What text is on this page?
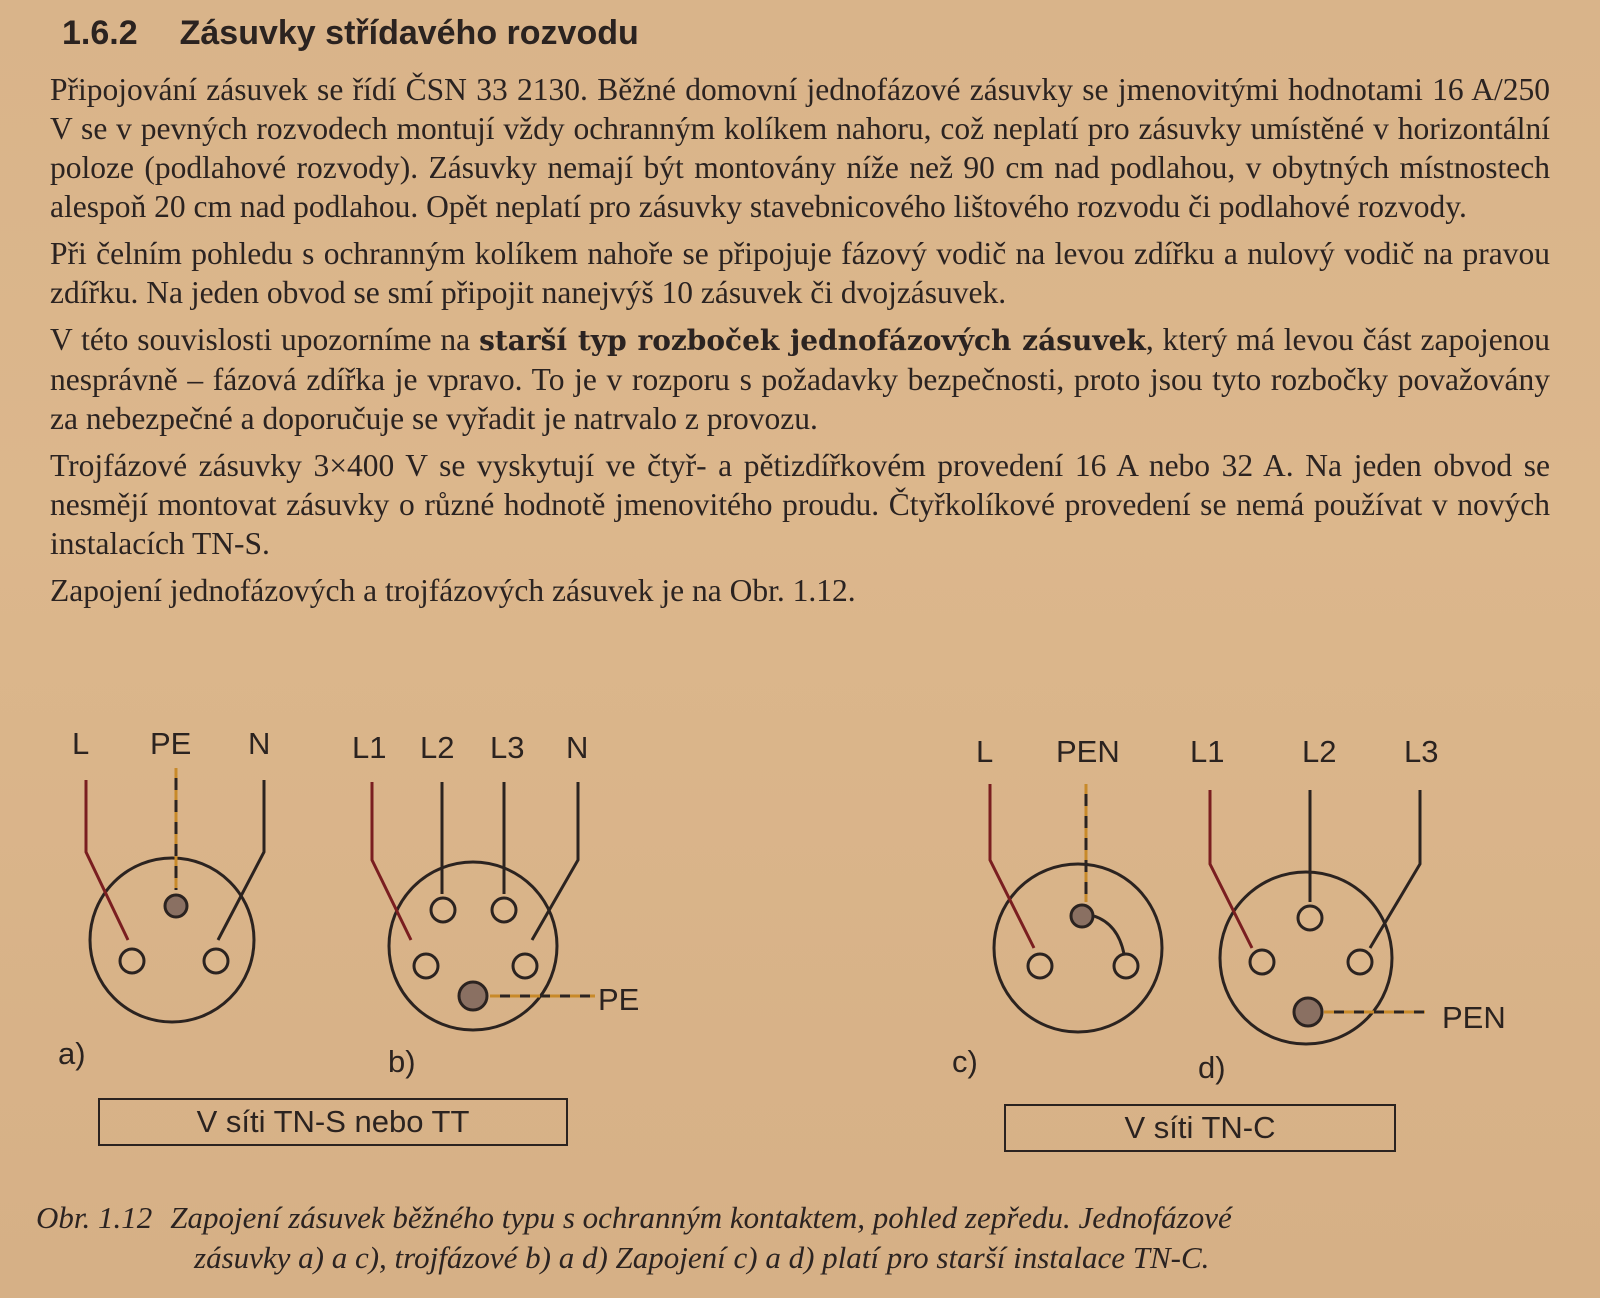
1.6.2 Zásuvky střídavého rozvodu

Připojování zásuvek se řídí ČSN 33 2130. Běžné domovní jednofázové zásuvky se jmenovitými hodnotami 16 A/250 V se v pevných rozvodech montují vždy ochranným kolíkem nahoru, což neplatí pro zásuvky umístěné v horizontální poloze (podlahové rozvody). Zásuvky nemají být montovány níže než 90 cm nad podlahou, v obytných místnostech alespoň 20 cm nad podlahou. Opět neplatí pro zásuvky stavebnicového lištového rozvodu či podlahové rozvody.

Při čelním pohledu s ochranným kolíkem nahoře se připojuje fázový vodič na levou zdířku a nulový vodič na pravou zdířku. Na jeden obvod se smí připojit nanejvýš 10 zásuvek či dvojzásuvek.

V této souvislosti upozorníme na starší typ rozboček jednofázových zásuvek, který má levou část zapojenou nesprávně – fázová zdířka je vpravo. To je v rozporu s požadavky bezpečnosti, proto jsou tyto rozbočky považovány za nebezpečné a doporučuje se vyřadit je natrvalo z provozu.

Trojfázové zásuvky 3×400 V se vyskytují ve čtyř- a pětizdířkovém provedení 16 A nebo 32 A. Na jeden obvod se nesmějí montovat zásuvky o různé hodnotě jmenovitého proudu. Čtyřkolíkové provedení se nemá používat v nových instalacích TN-S.

Zapojení jednofázových a trojfázových zásuvek je na Obr. 1.12.

L PE N	L1 L2 L3 N
PE
L PEN L1	L2 L3
PEN
a)	b)	c)	d)
V síti TN-S nebo TT	V síti TN-C
Obr. 1.12 Zapojení zásuvek běžného typu s ochranným kontaktem, pohled zepředu. Jednofázové
zásuvky a) a c), trojfázové b) a d) Zapojení c) a d) platí pro starší instalace TN-C.
